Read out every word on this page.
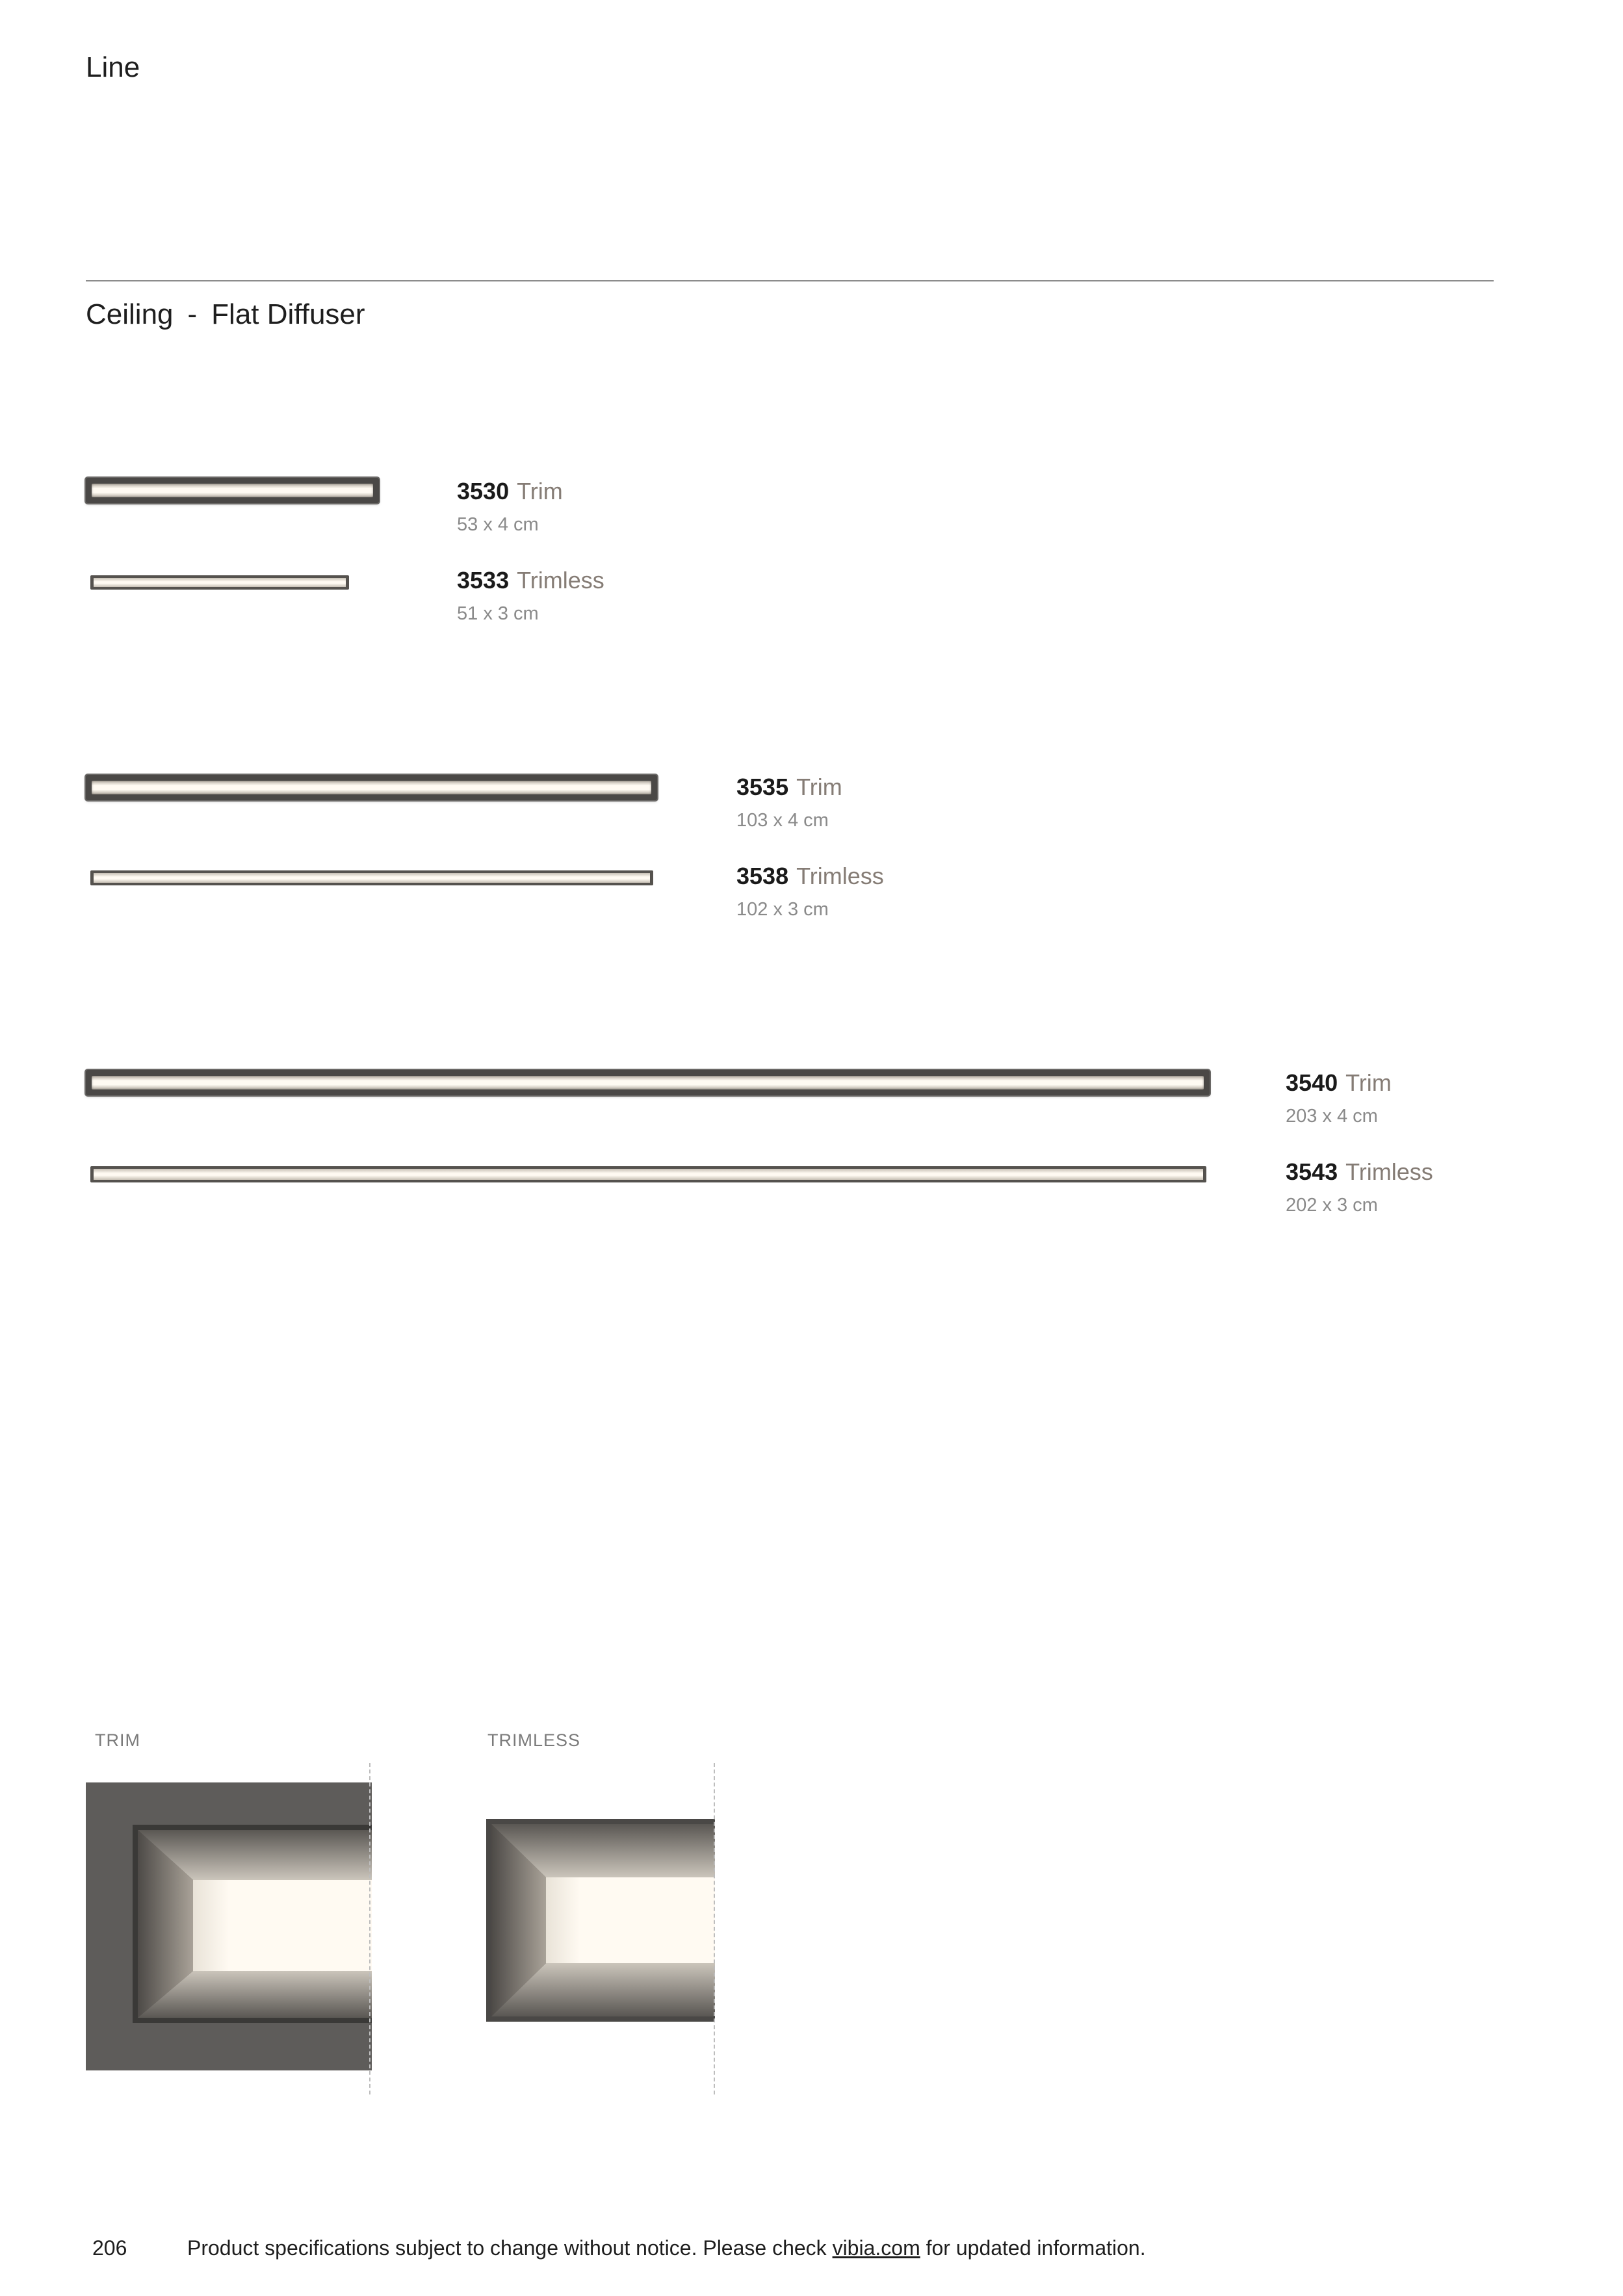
Line
Ceiling - Flat Diffuser
3530 Trim
53 x 4 cm
3533 Trimless
51 x 3 cm
3535 Trim
103 x 4 cm
3538 Trimless
102 x 3 cm
3540 Trim
203 x 4 cm
3543 Trimless
202 x 3 cm
TRIM	TRIMLESS
206	Product specifications subject to change without notice. Please check vibia.com for updated information.
